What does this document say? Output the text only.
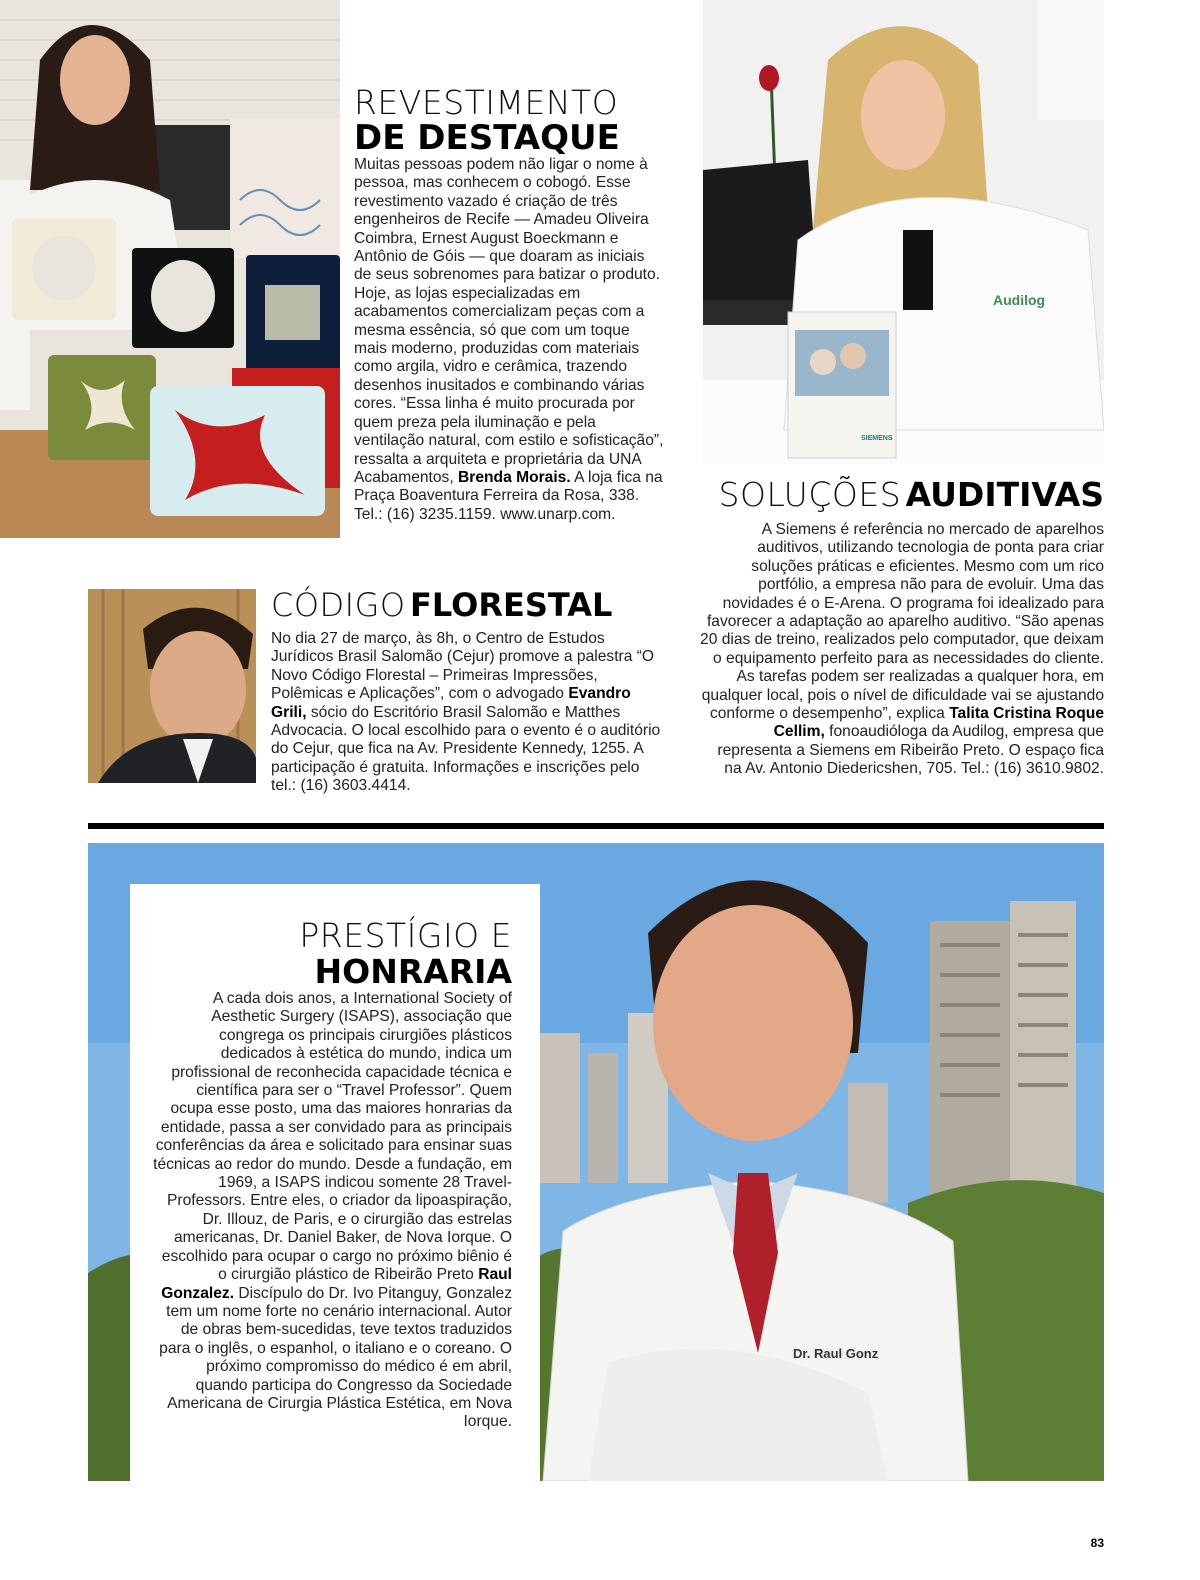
REVESTIMENTO
DE DESTAQUE
Muitas pessoas podem não ligar o nome à pessoa, mas conhecem o cobogó. Esse revestimento vazado é criação de três engenheiros de Recife — Amadeu Oliveira Coimbra, Ernest August Boeckmann e Antônio de Góis — que doaram as iniciais de seus sobrenomes para batizar o produto. Hoje, as lojas especializadas em acabamentos comercializam peças com a mesma essência, só que com um toque mais moderno, produzidas com materiais como argila, vidro e cerâmica, trazendo desenhos inusitados e combinando várias cores. “Essa linha é muito procurada por quem preza pela iluminação e pela ventilação natural, com estilo e sofisticação”, ressalta a arquiteta e proprietária da UNA Acabamentos, Brenda Morais. A loja fica na Praça Boaventura Ferreira da Rosa, 338. Tel.: (16) 3235.1159. www.unarp.com.
Audilog
SIEMENS
SOLUÇÕES AUDITIVAS
A Siemens é referência no mercado de aparelhos auditivos, utilizando tecnologia de ponta para criar soluções práticas e eficientes. Mesmo com um rico portfólio, a empresa não para de evoluir. Uma das novidades é o E-Arena. O programa foi idealizado para favorecer a adaptação ao aparelho auditivo. “São apenas 20 dias de treino, realizados pelo computador, que deixam o equipamento perfeito para as necessidades do cliente. As tarefas podem ser realizadas a qualquer hora, em qualquer local, pois o nível de dificuldade vai se ajustando conforme o desempenho”, explica Talita Cristina Roque Cellim, fonoaudióloga da Audilog, empresa que representa a Siemens em Ribeirão Preto. O espaço fica na Av. Antonio Diedericshen, 705. Tel.: (16) 3610.9802.
CÓDIGO FLORESTAL
No dia 27 de março, às 8h, o Centro de Estudos Jurídicos Brasil Salomão (Cejur) promove a palestra “O Novo Código Florestal – Primeiras Impressões, Polêmicas e Aplicações”, com o advogado Evandro Grili, sócio do Escritório Brasil Salomão e Matthes Advocacia. O local escolhido para o evento é o auditório do Cejur, que fica na Av. Presidente Kennedy, 1255. A participação é gratuita. Informações e inscrições pelo tel.: (16) 3603.4414.
Dr. Raul Gonz
PRESTÍGIO E
HONRARIA
A cada dois anos, a International Society of Aesthetic Surgery (ISAPS), associação que congrega os principais cirurgiões plásticos dedicados à estética do mundo, indica um profissional de reconhecida capacidade técnica e científica para ser o “Travel Professor”. Quem ocupa esse posto, uma das maiores honrarias da entidade, passa a ser convidado para as principais conferências da área e solicitado para ensinar suas técnicas ao redor do mundo. Desde a fundação, em 1969, a ISAPS indicou somente 28 Travel-Professors. Entre eles, o criador da lipoaspiração, Dr. Illouz, de Paris, e o cirurgião das estrelas americanas, Dr. Daniel Baker, de Nova Iorque. O escolhido para ocupar o cargo no próximo biênio é o cirurgião plástico de Ribeirão Preto Raul Gonzalez. Discípulo do Dr. Ivo Pitanguy, Gonzalez tem um nome forte no cenário internacional. Autor de obras bem-sucedidas, teve textos traduzidos para o inglês, o espanhol, o italiano e o coreano. O próximo compromisso do médico é em abril, quando participa do Congresso da Sociedade Americana de Cirurgia Plástica Estética, em Nova Iorque.
83
